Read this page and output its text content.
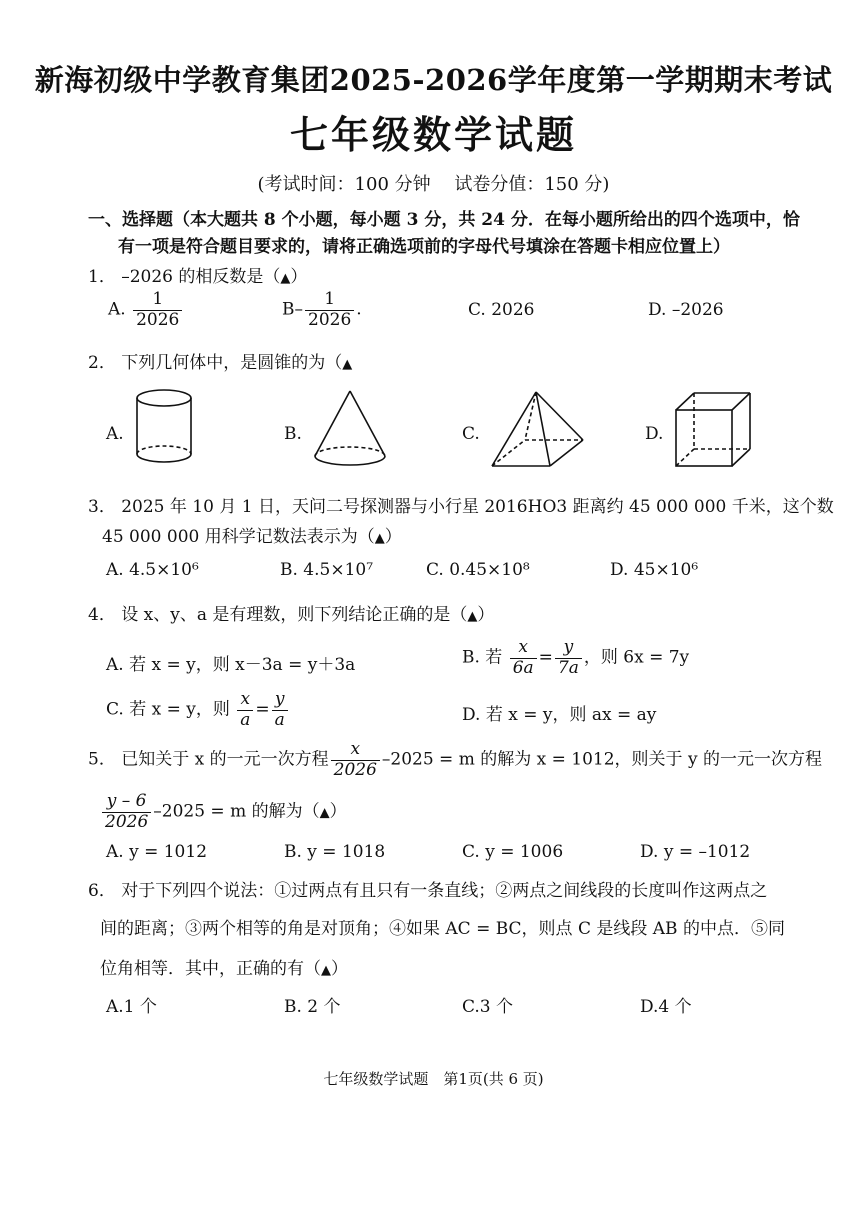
新海初级中学教育集团2025-2026学年度第一学期期末考试
七年级数学试题
(考试时间：100 分钟　 试卷分值：150 分)
一、选择题（本大题共 8 个小题，每小题 3 分，共 24 分．在每小题所给出的四个选项中，恰
有一项是符合题目要求的，请将正确选项前的字母代号填涂在答题卡相应位置上）
1． –2026 的相反数是（▲）
A. $\frac{1}{2026}$	$B- \frac{1}{2026}$ .	C. 2026	D. –2026
2． 下列几何体中，是圆锥的为（▲
A.	B.	C.	D.
3． 2025 年 10 月 1 日，天问二号探测器与小行星 2016HO3 距离约 45 000 000 千米，这个数
45 000 000 用科学记数法表示为（▲）
A. 4.5×10⁶	B. 4.5×10⁷	C. 0.45×10⁸	D. 45×10⁶
4． 设 x、y、a 是有理数，则下列结论正确的是（▲）
A. 若 x = y，则 x－3a = y＋3a	B. 若 $\frac{x}{6a} = \frac{y}{7a}$ ，则 6x = 7y
C. 若 x = y，则 $\frac{x}{a} = \frac{y}{a}$	D. 若 x = y，则 ax = ay
5． 已知关于 x 的一元一次方程 $\frac{x}{2026} -2025 = m$ 的解为 x = 1012，则关于 y 的一元一次方程
$\frac{y - 6}{2026} -2025 = m$ 的解为（▲）
A. y = 1012	B. y = 1018	C. y = 1006	D. y = –1012
6． 对于下列四个说法：①过两点有且只有一条直线；②两点之间线段的长度叫作这两点之
间的距离；③两个相等的角是对顶角；④如果 AC = BC，则点 C 是线段 AB 的中点．⑤同
位角相等．其中，正确的有（▲）
A.1 个	B. 2 个	C.3 个	D.4 个
七年级数学试题　第1页(共 6 页)
